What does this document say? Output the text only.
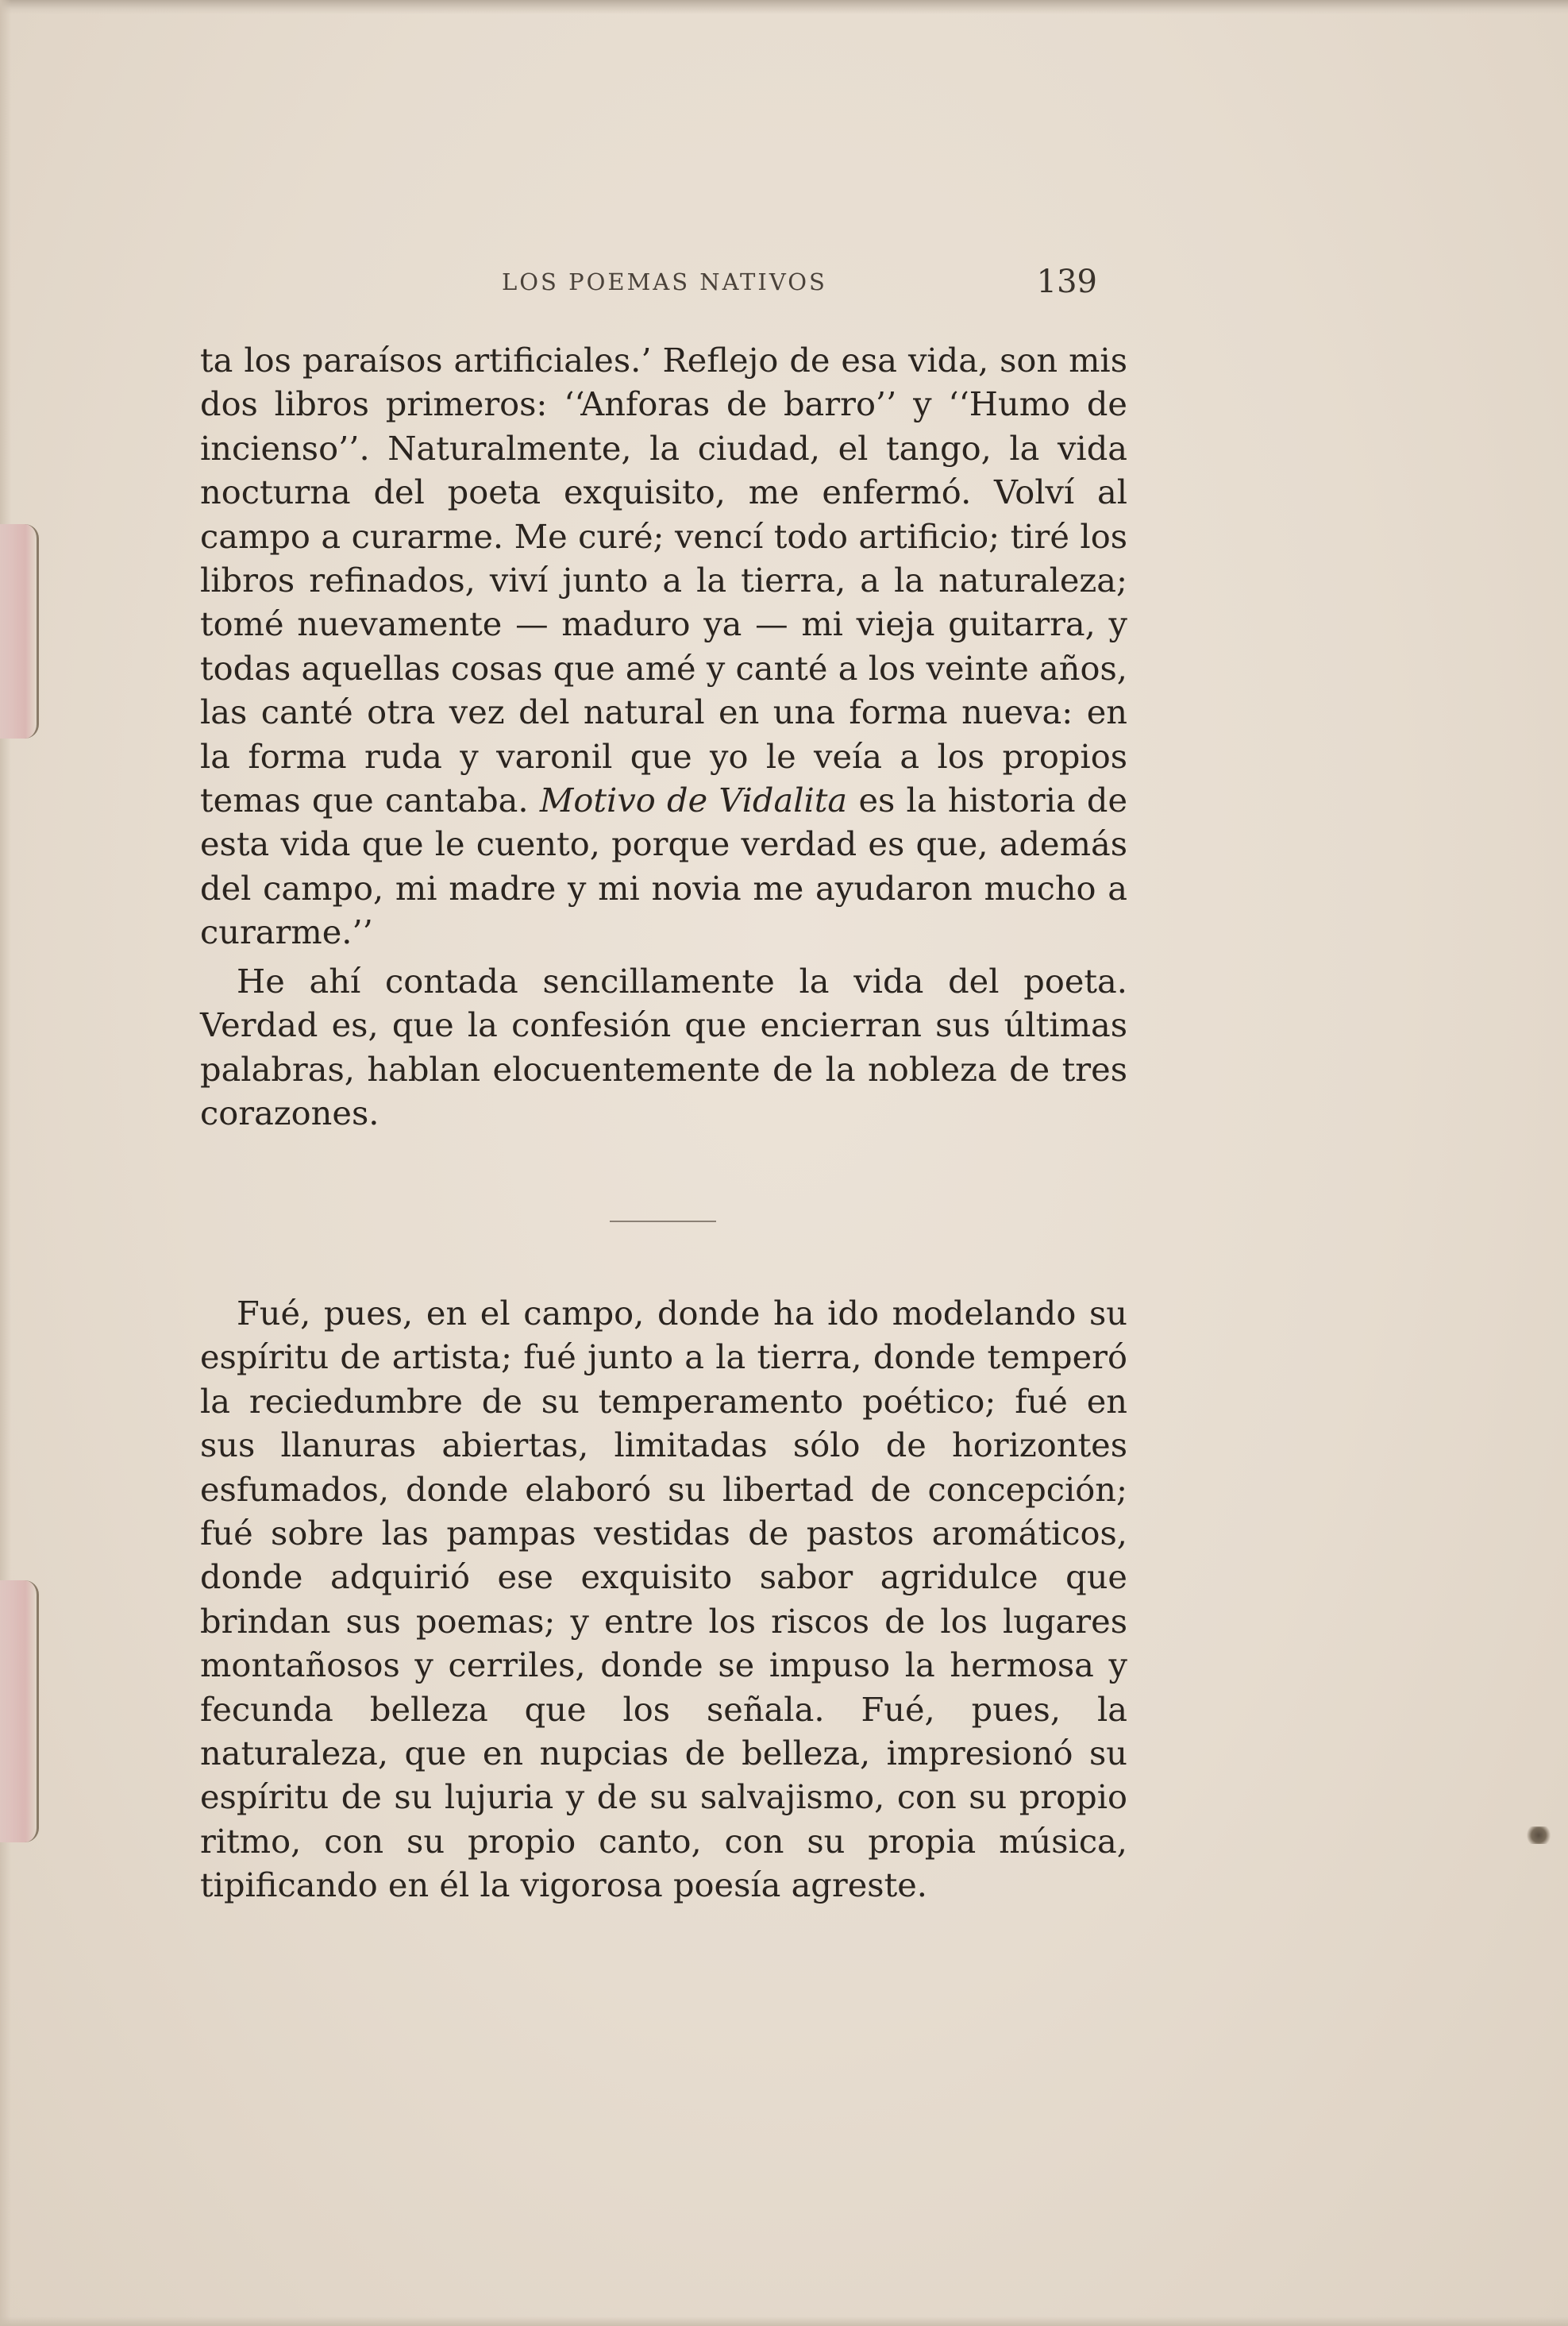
LOS POEMAS NATIVOS	139

ta los paraísos artificiales.’ Reflejo de esa vida, son mis dos libros primeros: ‘‘Anforas de barro’’ y ‘‘Humo de incienso’’. Naturalmente, la ciudad, el tango, la vida nocturna del poeta exquisito, me enfermó. Volví al campo a curarme. Me curé; vencí todo artificio; tiré los libros refinados, viví junto a la tierra, a la naturaleza; tomé nuevamente — maduro ya — mi vieja guitarra, y todas aquellas cosas que amé y canté a los veinte años, las canté otra vez del natural en una forma nueva: en la forma ruda y varonil que yo le veía a los propios temas que cantaba. Motivo de Vidalita es la historia de esta vida que le cuento, porque verdad es que, además del campo, mi madre y mi novia me ayudaron mucho a curarme.’’

He ahí contada sencillamente la vida del poeta. Verdad es, que la confesión que encierran sus últimas palabras, hablan elocuentemente de la nobleza de tres corazones.

Fué, pues, en el campo, donde ha ido modelando su espíritu de artista; fué junto a la tierra, donde temperó la reciedumbre de su temperamento poético; fué en sus llanuras abiertas, limitadas sólo de horizontes esfumados, donde elaboró su libertad de concepción; fué sobre las pampas vestidas de pastos aromáticos, donde adquirió ese exquisito sabor agridulce que brindan sus poemas; y entre los riscos de los lugares montañosos y cerriles, donde se impuso la hermosa y fecunda belleza que los señala. Fué, pues, la naturaleza, que en nupcias de belleza, impresionó su espíritu de su lujuria y de su salvajismo, con su propio ritmo, con su propio canto, con su propia música, tipificando en él la vigorosa poesía agreste.
